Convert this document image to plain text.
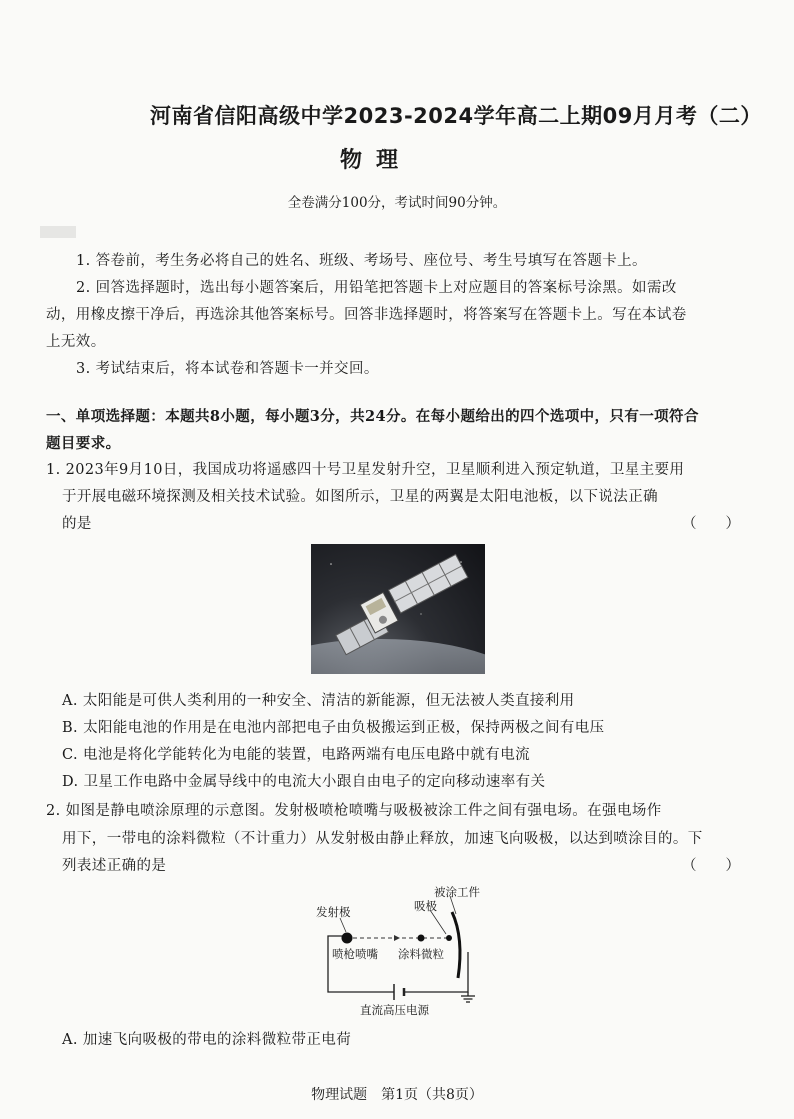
河南省信阳高级中学2023-2024学年高二上期09月月考（二）
物理
全卷满分100分，考试时间90分钟。
1. 答卷前，考生务必将自己的姓名、班级、考场号、座位号、考生号填写在答题卡上。
2. 回答选择题时，选出每小题答案后，用铅笔把答题卡上对应题目的答案标号涂黑。如需改
动，用橡皮擦干净后，再选涂其他答案标号。回答非选择题时，将答案写在答题卡上。写在本试卷
上无效。
3. 考试结束后，将本试卷和答题卡一并交回。
一、单项选择题：本题共8小题，每小题3分，共24分。在每小题给出的四个选项中，只有一项符合
题目要求。
1. 2023年9月10日，我国成功将遥感四十号卫星发射升空，卫星顺利进入预定轨道，卫星主要用
于开展电磁环境探测及相关技术试验。如图所示，卫星的两翼是太阳电池板，以下说法正确
的是	（　　）
A. 太阳能是可供人类利用的一种安全、清洁的新能源，但无法被人类直接利用
B. 太阳能电池的作用是在电池内部把电子由负极搬运到正极，保持两极之间有电压
C. 电池是将化学能转化为电能的装置，电路两端有电压电路中就有电流
D. 卫星工作电路中金属导线中的电流大小跟自由电子的定向移动速率有关
2. 如图是静电喷涂原理的示意图。发射极喷枪喷嘴与吸极被涂工件之间有强电场。在强电场作
用下，一带电的涂料微粒（不计重力）从发射极由静止释放，加速飞向吸极，以达到喷涂目的。下
列表述正确的是	（　　）
发射极	吸极
被涂工件
喷枪喷嘴 涂料微粒
直流高压电源
A. 加速飞向吸极的带电的涂料微粒带正电荷
物理试题　第1页（共8页）
